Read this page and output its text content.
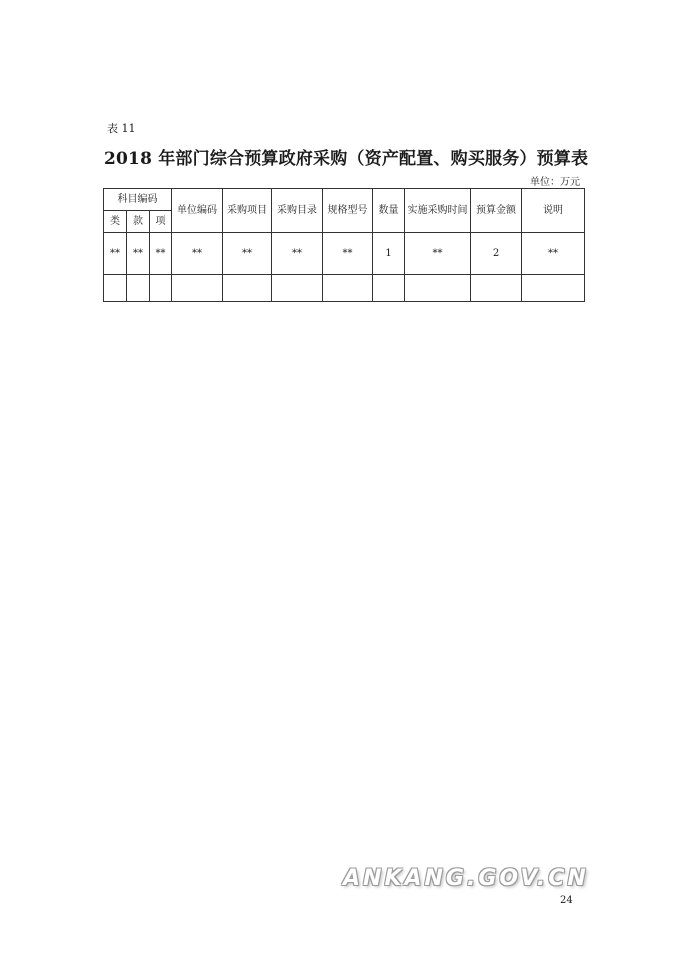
表 11
2018 年部门综合预算政府采购（资产配置、购买服务）预算表
单位：万元
科目编码			单位编码	采购项目	采购目录	规格型号	数量	实施采购时间	预算金额	说明
类	款	项								
**	**	**	**	**	**	**	1	**	2	**

ANKANG.GOV.CN
24
